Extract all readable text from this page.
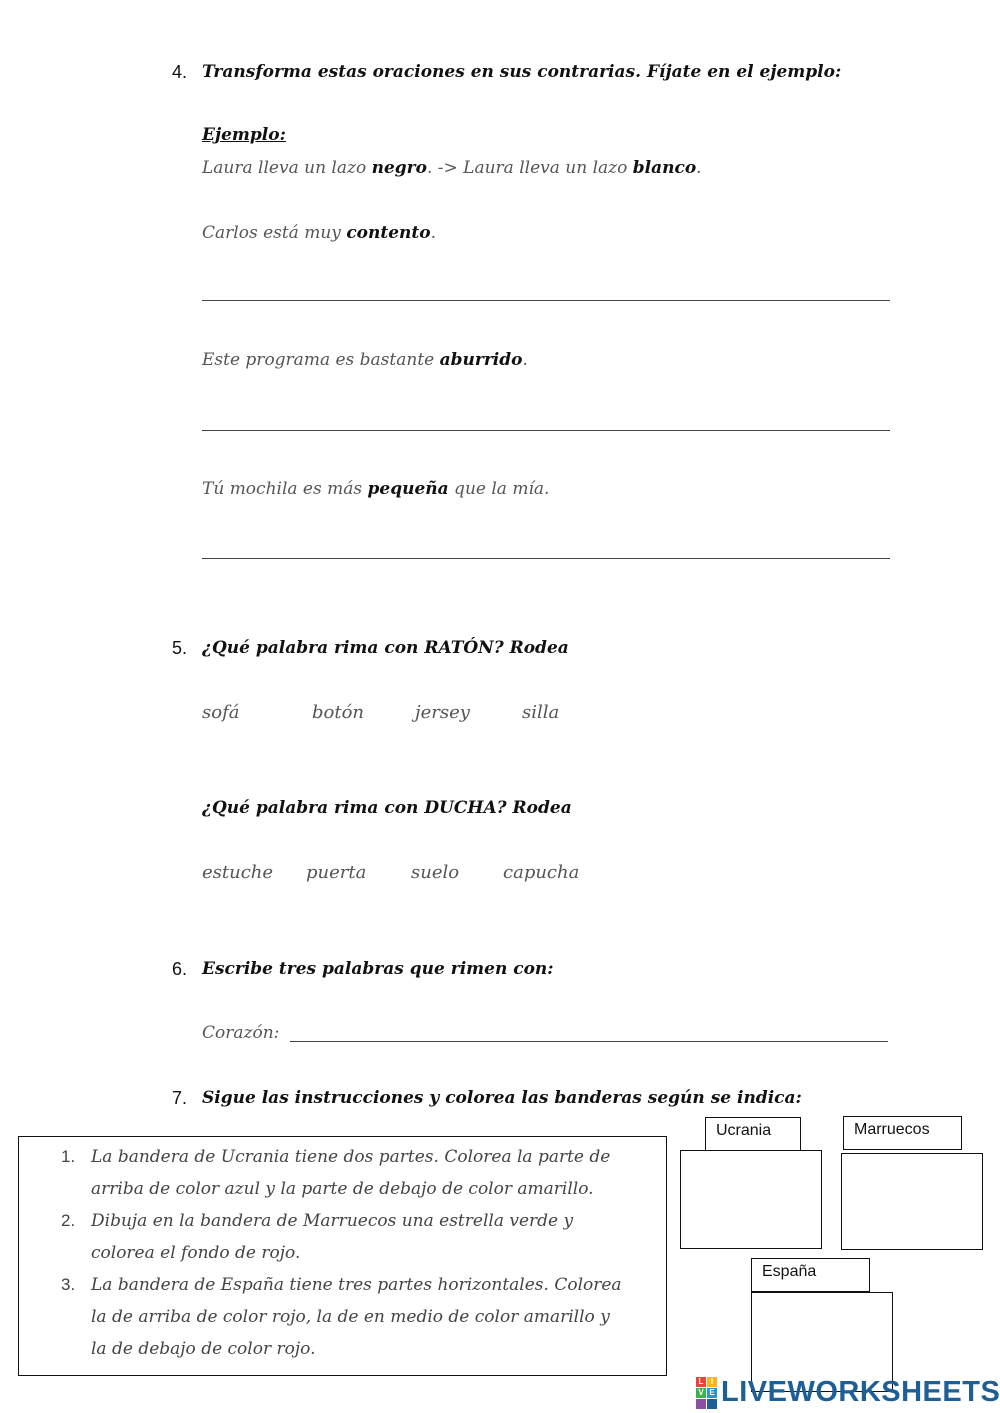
4. Transforma estas oraciones en sus contrarias. Fíjate en el ejemplo:
Ejemplo:
Laura lleva un lazo negro. -> Laura lleva un lazo blanco.
Carlos está muy contento.
Este programa es bastante aburrido.
Tú mochila es más pequeña que la mía.
5. ¿Qué palabra rima con RATÓN? Rodea
sofá	botón	jersey	silla
¿Qué palabra rima con DUCHA? Rodea
estuche puerta suelo capucha
6. Escribe tres palabras que rimen con:
Corazón:
7. Sigue las instrucciones y colorea las banderas según se indica:
1. La bandera de Ucrania tiene dos partes. Colorea la parte de
arriba de color azul y la parte de debajo de color amarillo.
2. Dibuja en la bandera de Marruecos una estrella verde y
colorea el fondo de rojo.
3. La bandera de España tiene tres partes horizontales. Colorea
la de arriba de color rojo, la de en medio de color amarillo y
la de debajo de color rojo.
Ucrania	Marruecos
España
L I
V E LIVEWORKSHEETS
